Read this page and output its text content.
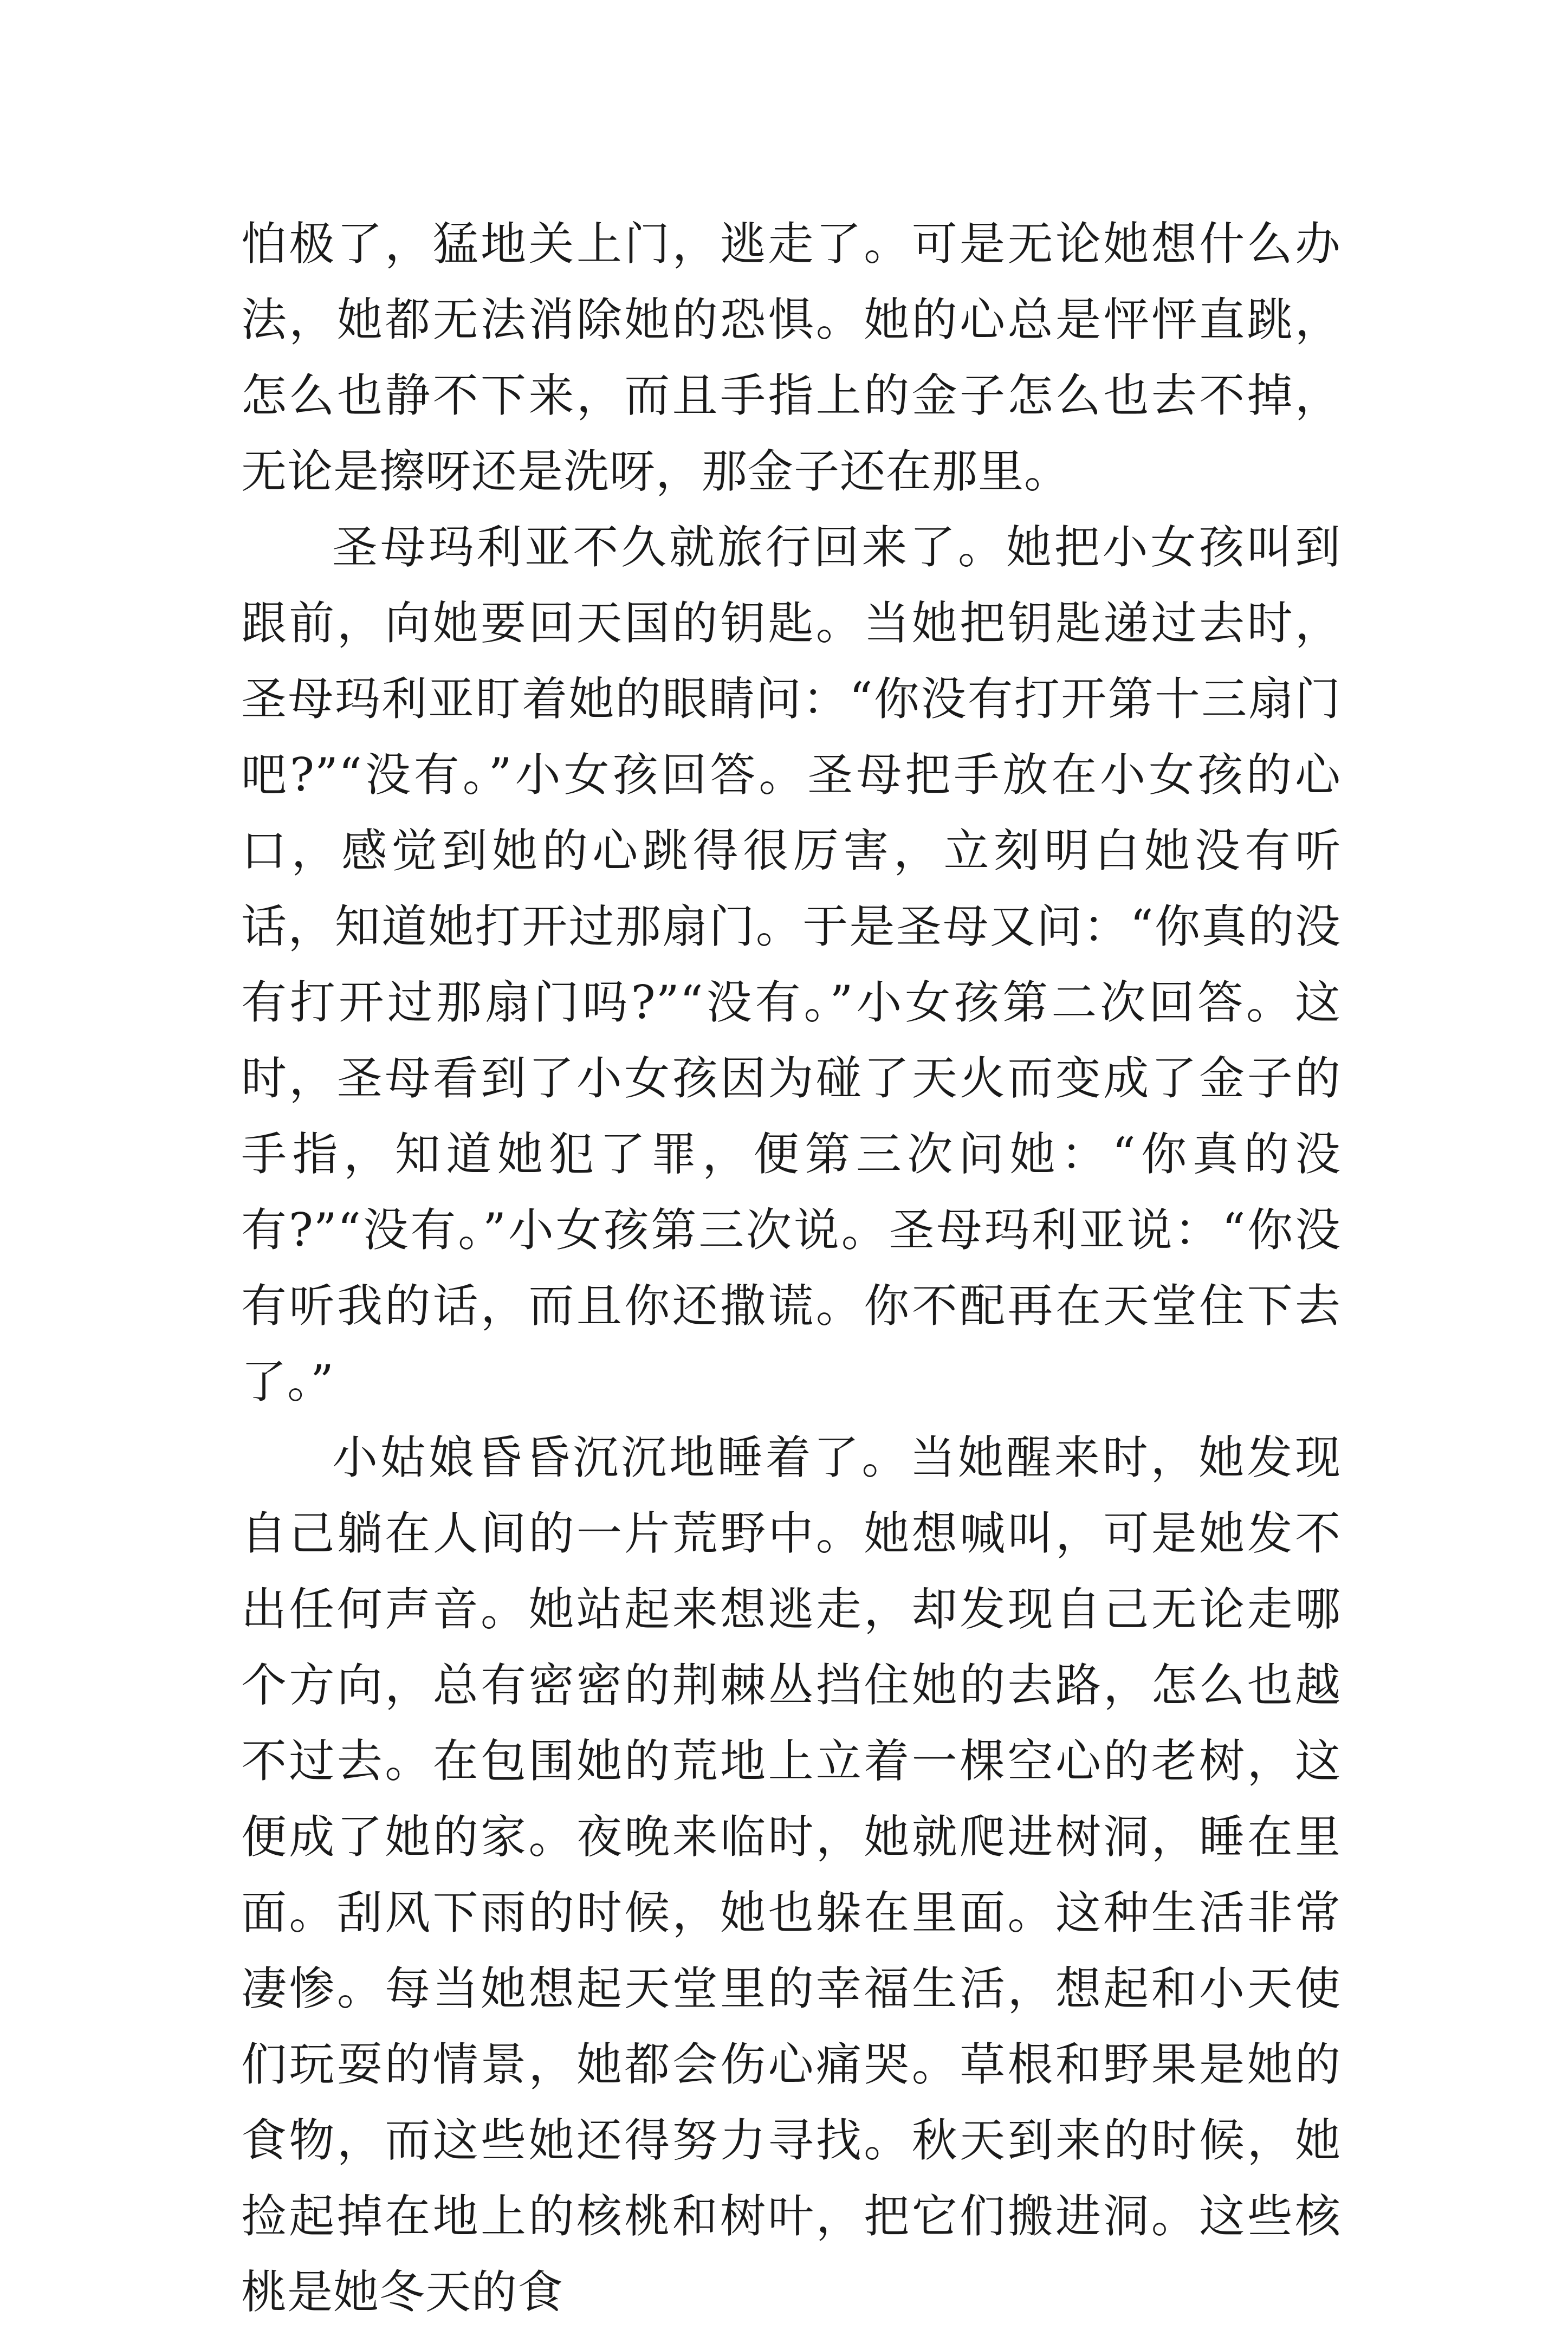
怕极了，猛地关上门，逃走了。可是无论她想什么办法，她都无法消除她的恐惧。她的心总是怦怦直跳，怎么也静不下来，而且手指上的金子怎么也去不掉，无论是擦呀还是洗呀，那金子还在那里。

圣母玛利亚不久就旅行回来了。她把小女孩叫到跟前，向她要回天国的钥匙。当她把钥匙递过去时，圣母玛利亚盯着她的眼睛问：“你没有打开第十三扇门吧?”“没有。”小女孩回答。圣母把手放在小女孩的心口，感觉到她的心跳得很厉害，立刻明白她没有听话，知道她打开过那扇门。于是圣母又问：“你真的没有打开过那扇门吗?”“没有。”小女孩第二次回答。这时，圣母看到了小女孩因为碰了天火而变成了金子的手指，知道她犯了罪，便第三次问她：“你真的没有?”“没有。”小女孩第三次说。圣母玛利亚说：“你没有听我的话，而且你还撒谎。你不配再在天堂住下去了。”

小姑娘昏昏沉沉地睡着了。当她醒来时，她发现自己躺在人间的一片荒野中。她想喊叫，可是她发不出任何声音。她站起来想逃走，却发现自己无论走哪个方向，总有密密的荆棘丛挡住她的去路，怎么也越不过去。在包围她的荒地上立着一棵空心的老树，这便成了她的家。夜晚来临时，她就爬进树洞，睡在里面。刮风下雨的时候，她也躲在里面。这种生活非常凄惨。每当她想起天堂里的幸福生活，想起和小天使们玩耍的情景，她都会伤心痛哭。草根和野果是她的食物，而这些她还得努力寻找。秋天到来的时候，她捡起掉在地上的核桃和树叶，把它们搬进洞。这些核桃是她冬天的食
